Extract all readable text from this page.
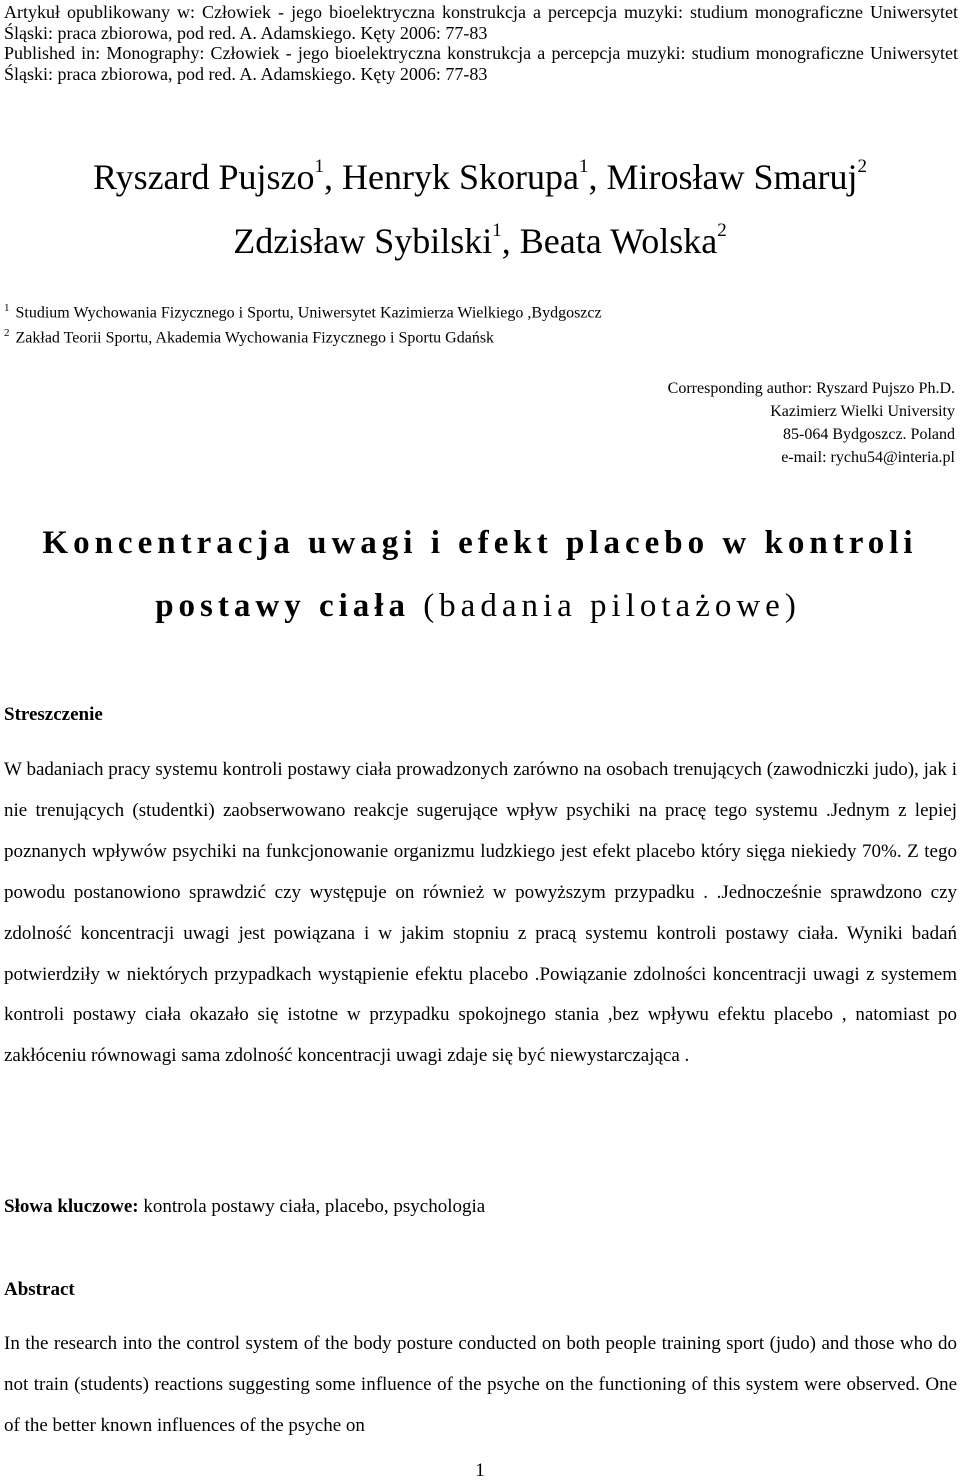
Artykuł opublikowany w: Człowiek - jego bioelektryczna konstrukcja a percepcja muzyki: studium monograficzne Uniwersytet Śląski: praca zbiorowa, pod red. A. Adamskiego. Kęty 2006: 77-83

Published in: Monography: Człowiek - jego bioelektryczna konstrukcja a percepcja muzyki: studium monograficzne Uniwersytet Śląski: praca zbiorowa, pod red. A. Adamskiego. Kęty 2006: 77-83

Ryszard Pujszo$^1$, Henryk Skorupa$^1$, Mirosław Smaruj$^2$
Zdzisław Sybilski$^1$, Beata Wolska$^2$

$^1$ Studium Wychowania Fizycznego i Sportu, Uniwersytet Kazimierza Wielkiego ,Bydgoszcz

$^2$ Zakład Teorii Sportu, Akademia Wychowania Fizycznego i Sportu Gdańsk

Corresponding author: Ryszard Pujszo Ph.D.

Kazimierz Wielki University

85-064 Bydgoszcz. Poland

e-mail: rychu54@interia.pl

Koncentracja uwagi i efekt placebo w kontroli
postawy ciała (badania pilotażowe)
Streszczenie

W badaniach pracy systemu kontroli postawy ciała prowadzonych zarówno na osobach trenujących (zawodniczki judo), jak i nie trenujących (studentki) zaobserwowano reakcje sugerujące wpływ psychiki na pracę tego systemu .Jednym z lepiej poznanych wpływów psychiki na funkcjonowanie organizmu ludzkiego jest efekt placebo który sięga niekiedy 70%. Z tego powodu postanowiono sprawdzić czy występuje on również w powyższym przypadku . .Jednocześnie sprawdzono czy zdolność koncentracji uwagi jest powiązana i w jakim stopniu z pracą systemu kontroli postawy ciała. Wyniki badań potwierdziły w niektórych przypadkach wystąpienie efektu placebo .Powiązanie zdolności koncentracji uwagi z systemem kontroli postawy ciała okazało się istotne w przypadku spokojnego stania ,bez wpływu efektu placebo , natomiast po zakłóceniu równowagi sama zdolność koncentracji uwagi zdaje się być niewystarczająca .

Słowa kluczowe: kontrola postawy ciała, placebo, psychologia

Abstract

In the research into the control system of the body posture conducted on both people training sport (judo) and those who do not train (students) reactions suggesting some influence of the psyche on the functioning of this system were observed. One of the better known influences of the psyche on

1
